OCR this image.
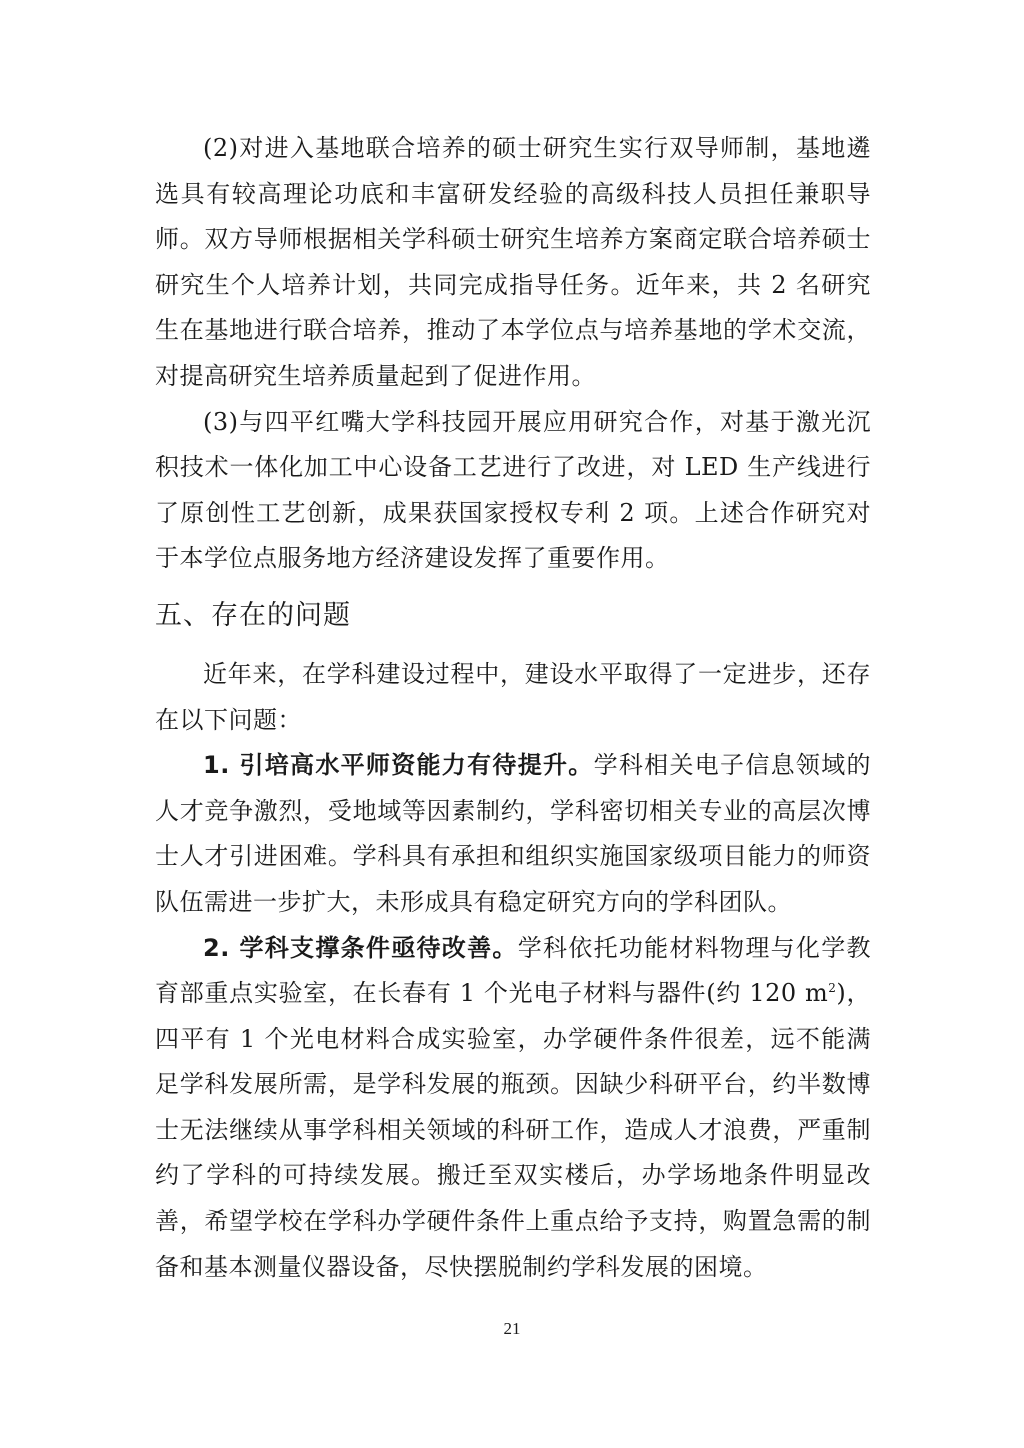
(2)对进入基地联合培养的硕士研究生实行双导师制，基地遴选具有较高理论功底和丰富研发经验的高级科技人员担任兼职导师。双方导师根据相关学科硕士研究生培养方案商定联合培养硕士研究生个人培养计划，共同完成指导任务。近年来，共 2 名研究生在基地进行联合培养，推动了本学位点与培养基地的学术交流，对提高研究生培养质量起到了促进作用。

(3)与四平红嘴大学科技园开展应用研究合作，对基于激光沉积技术一体化加工中心设备工艺进行了改进，对 LED 生产线进行了原创性工艺创新，成果获国家授权专利 2 项。上述合作研究对于本学位点服务地方经济建设发挥了重要作用。

五、存在的问题

近年来，在学科建设过程中，建设水平取得了一定进步，还存在以下问题：

1. 引培高水平师资能力有待提升。学科相关电子信息领域的人才竞争激烈，受地域等因素制约，学科密切相关专业的高层次博士人才引进困难。学科具有承担和组织实施国家级项目能力的师资队伍需进一步扩大，未形成具有稳定研究方向的学科团队。

2. 学科支撑条件亟待改善。学科依托功能材料物理与化学教育部重点实验室，在长春有 1 个光电子材料与器件(约 120 $m^2$)，四平有 1 个光电材料合成实验室，办学硬件条件很差，远不能满足学科发展所需，是学科发展的瓶颈。因缺少科研平台，约半数博士无法继续从事学科相关领域的科研工作，造成人才浪费，严重制约了学科的可持续发展。搬迁至双实楼后，办学场地条件明显改善，希望学校在学科办学硬件条件上重点给予支持，购置急需的制备和基本测量仪器设备，尽快摆脱制约学科发展的困境。

21
